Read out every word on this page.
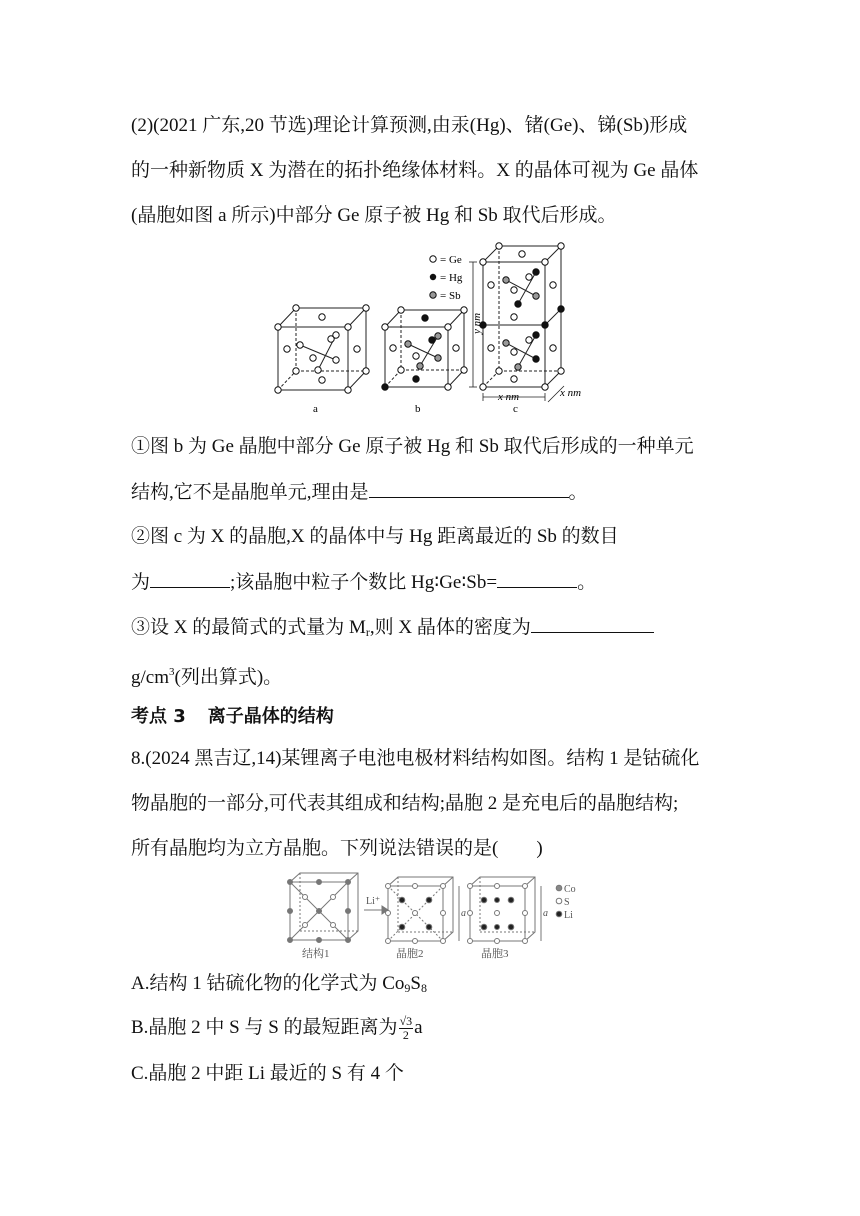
(2)(2021 广东,20 节选)理论计算预测,由汞(Hg)、锗(Ge)、锑(Sb)形成
的一种新物质 X 为潜在的拓扑绝缘体材料。X 的晶体可视为 Ge 晶体
(晶胞如图 a 所示)中部分 Ge 原子被 Hg 和 Sb 取代后形成。
= Ge
= Hg
= Sb
a	b
y nm
x nm	x nm
c
①图 b 为 Ge 晶胞中部分 Ge 原子被 Hg 和 Sb 取代后形成的一种单元
结构,它不是晶胞单元,理由是	。
②图 c 为 X 的晶胞,X 的晶体中与 Hg 距离最近的 Sb 的数目
为	;该晶胞中粒子个数比 Hg∶Ge∶Sb=	。
③设 X 的最简式的式量为 $M_r$,则 X 晶体的密度为
$g/cm^3$(列出算式)。
考点 3 离子晶体的结构
8.(2024 黑吉辽,14)某锂离子电池电极材料结构如图。结构 1 是钴硫化
物晶胞的一部分,可代表其组成和结构;晶胞 2 是充电后的晶胞结构;
所有晶胞均为立方晶胞。下列说法错误的是(　　)
Li⁺
a	a
Co
S
Li
结构1	晶胞2	晶胞3
A.结构 1 钴硫化物的化学式为 $Co_9S_8$
B.晶胞 2 中 S 与 S 的最短距离为 $\frac{√3}{2}$ a
C.晶胞 2 中距 Li 最近的 S 有 4 个
